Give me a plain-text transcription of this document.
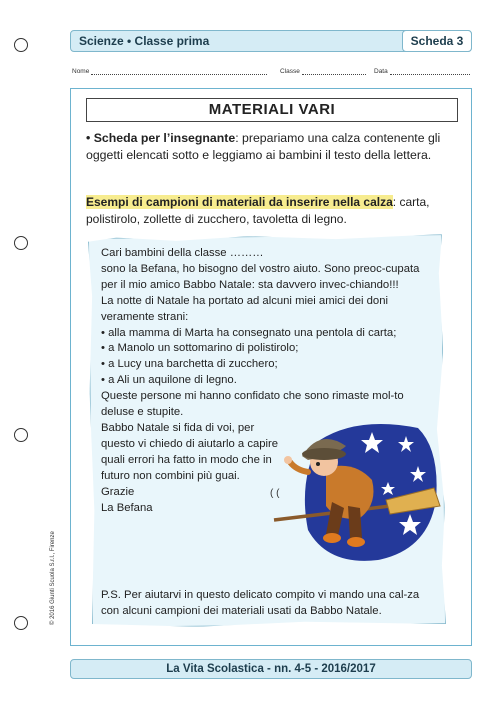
Scienze • Classe prima	Scheda 3
Nome	Classe	Data
MATERIALI VARI
• Scheda per l’insegnante: prepariamo una calza contenente gli oggetti elencati sotto e leggiamo ai bambini il testo della lettera.
Esempi di campioni di materiali da inserire nella calza: carta, polistirolo, zollette di zucchero, tavoletta di legno.

Cari bambini della classe ………

sono la Befana, ho bisogno del vostro aiuto. Sono preoc-cupata per il mio amico Babbo Natale: sta davvero invec-chiando!!!

La notte di Natale ha portato ad alcuni miei amici dei doni veramente strani:

• alla mamma di Marta ha consegnato una pentola di carta;

• a Manolo un sottomarino di polistirolo;

• a Lucy una barchetta di zucchero;

• a Ali un aquilone di legno.

Queste persone mi hanno confidato che sono rimaste mol-to deluse e stupite.

Babbo Natale si fida di voi, per questo vi chiedo di aiutarlo a capire quali errori ha fatto in modo che in futuro non combini più guai.

Grazie

La Befana

P.S. Per aiutarvi in questo delicato compito vi mando una cal-za con alcuni campioni dei materiali usati da Babbo Natale.
( (
© 2016 Giunti Scuola S.r.l., Firenze
La Vita Scolastica - nn. 4-5 - 2016/2017
